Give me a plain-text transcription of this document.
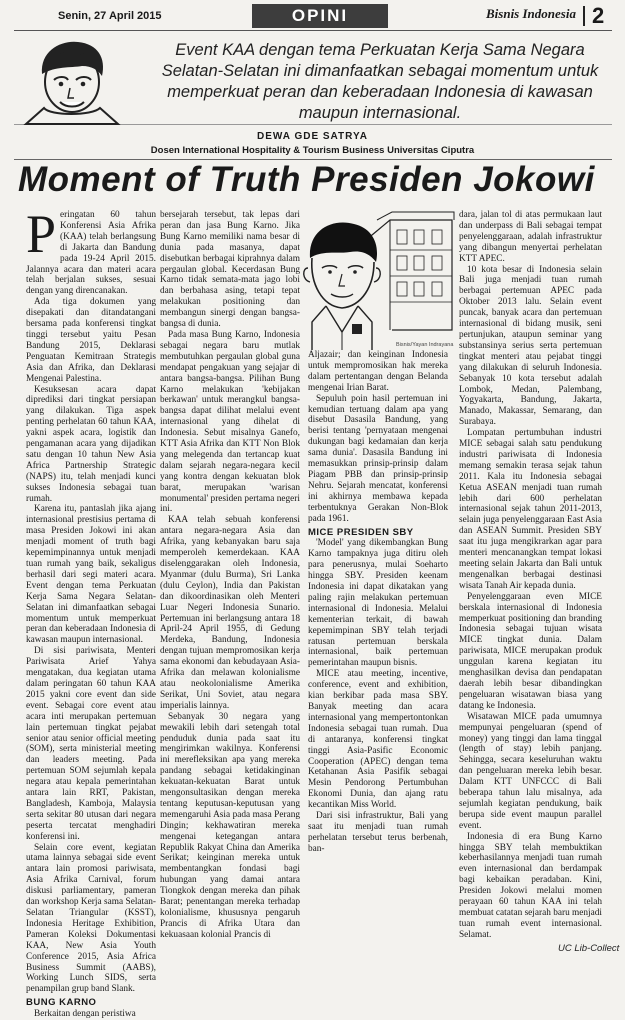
Senin, 27 April 2015	OPINI	Bisnis Indonesia 2
Event KAA dengan tema Perkuatan Kerja Sama Negara Selatan-Selatan ini dimanfaatkan sebagai momentum untuk memperkuat peran dan keberadaan Indonesia di kawasan maupun internasional.
DEWA GDE SATRYA
Dosen International Hospitality & Tourism Business Universitas Ciputra
Moment of Truth Presiden Jokowi
Bisnis/Yayan Indrayana

Peringatan 60 tahun Konferensi Asia Afrika (KAA) telah berlangsung di Jakarta dan Bandung pada 19-24 April 2015. Jalannya acara dan materi acara telah berjalan sukses, sesuai dengan yang direncanakan.

Ada tiga dokumen yang disepakati dan ditandatangani bersama pada konferensi tingkat tinggi tersebut yaitu Pesan Bandung 2015, Deklarasi Penguatan Kemitraan Strategis Asia dan Afrika, dan Deklarasi Mengenai Palestina.

Kesuksesan acara dapat diprediksi dari tingkat persiapan yang dilakukan. Tiga aspek penting perhelatan 60 tahun KAA, yakni aspek acara, logistik dan pengamanan acara yang dijadikan satu dengan 10 tahun New Asia Africa Partnership Strategic (NAPS) itu, telah menjadi kunci sukses Indonesia sebagai tuan rumah.

Karena itu, pantaslah jika ajang internasional prestisius pertama di masa Presiden Jokowi ini akan menjadi moment of truth bagi kepemimpinannya untuk menjadi tuan rumah yang baik, sekaligus berhasil dari segi materi acara. Event dengan tema Perkuatan Kerja Sama Negara Selatan-Selatan ini dimanfaatkan sebagai momentum untuk memperkuat peran dan keberadaan Indonesia di kawasan maupun internasional.

Di sisi pariwisata, Menteri Pariwisata Arief Yahya mengatakan, dua kegiatan utama dalam peringatan 60 tahun KAA 2015 yakni core event dan side event. Sebagai core event atau acara inti merupakan pertemuan lain pertemuan tingkat pejabat senior atau senior official meeting (SOM), serta ministerial meeting dan leaders meeting. Pada pertemuan SOM sejumlah kepala negara atau kepala pemerintahan antara lain RRT, Pakistan, Bangladesh, Kamboja, Malaysia serta sekitar 80 utusan dari negara peserta tercatat menghadiri konferensi ini.

Selain core event, kegiatan utama lainnya sebagai side event antara lain promosi pariwisata, Asia Afrika Carnival, forum diskusi parliamentary, pameran dan workshop Kerja sama Selatan-Selatan Triangular (KSST), Indonesia Heritage Exhibition, Pameran Koleksi Dokumentasi KAA, New Asia Youth Conference 2015, Asia Africa Business Summit (AABS), Working Lunch SIDS, serta penampilan grup band Slank.

BUNG KARNO

Berkaitan dengan peristiwa

bersejarah tersebut, tak lepas dari peran dan jasa Bung Karno. Jika Bung Karno memiliki nama besar di dunia pada masanya, dapat disebutkan berbagai kiprahnya dalam pergaulan global. Kecerdasan Bung Karno tidak semata-mata jago lobi dan berbahasa asing, tetapi tepat melakukan positioning dan membangun sinergi dengan bangsa-bangsa di dunia.

Pada masa Bung Karno, Indonesia sebagai negara baru mutlak membutuhkan pergaulan global guna mendapat pengakuan yang sejajar di antara bangsa-bangsa. Pilihan Bung Karno melakukan 'kebijakan berkawan' untuk merangkul bangsa-bangsa dapat dilihat melalui event internasional yang dihelat di Indonesia. Sebut misalnya Ganefo, KTT Asia Afrika dan KTT Non Blok yang melegenda dan tertancap kuat dalam sejarah negara-negara kecil yang kontra dengan kekuatan blok barat, merupakan 'warisan monumental' presiden pertama negeri ini.

KAA telah sebuah konferensi antara negara-negara Asia dan Afrika, yang kebanyakan baru saja memperoleh kemerdekaan. KAA diselenggarakan oleh Indonesia, Myanmar (dulu Burma), Sri Lanka (dulu Ceylon), India dan Pakistan dan dikoordinasikan oleh Menteri Luar Negeri Indonesia Sunario. Pertemuan ini berlangsung antara 18 April-24 April 1955, di Gedung Merdeka, Bandung, Indonesia dengan tujuan mempromosikan kerja sama ekonomi dan kebudayaan Asia-Afrika dan melawan kolonialisme atau neokolonialisme Amerika Serikat, Uni Soviet, atau negara imperialis lainnya.

Sebanyak 30 negara yang mewakili lebih dari setengah total penduduk dunia pada saat itu mengirimkan wakilnya. Konferensi ini merefleksikan apa yang mereka pandang sebagai ketidakinginan kekuatan-kekuatan Barat untuk mengonsultasikan dengan mereka tentang keputusan-keputusan yang memengaruhi Asia pada masa Perang Dingin; kekhawatiran mereka mengenai ketegangan antara Republik Rakyat China dan Amerika Serikat; keinginan mereka untuk membentangkan fondasi bagi hubungan yang damai antara Tiongkok dengan mereka dan pihak Barat; penentangan mereka terhadap kolonialisme, khususnya pengaruh Prancis di Afrika Utara dan kekuasaan kolonial Prancis di

Aljazair; dan keinginan Indonesia untuk mempromosikan hak mereka dalam pertentangan dengan Belanda mengenai Irian Barat.

Sepuluh poin hasil pertemuan ini kemudian tertuang dalam apa yang disebut Dasasila Bandung, yang berisi tentang 'pernyataan mengenai dukungan bagi kedamaian dan kerja sama dunia'. Dasasila Bandung ini memasukkan prinsip-prinsip dalam Piagam PBB dan prinsip-prinsip Nehru. Sejarah mencatat, konferensi ini akhirnya membawa kepada terbentuknya Gerakan Non-Blok pada 1961.

MICE PRESIDEN SBY

'Model' yang dikembangkan Bung Karno tampaknya juga ditiru oleh para penerusnya, mulai Soeharto hingga SBY. Presiden keenam Indonesia ini dapat dikatakan yang paling rajin melakukan pertemuan internasional di Indonesia. Melalui kementerian terkait, di bawah kepemimpinan SBY telah terjadi ratusan pertemuan berskala internasional, baik pertemuan pemerintahan maupun bisnis.

MICE atau meeting, incentive, conference, event and exhibition, kian berkibar pada masa SBY. Banyak meeting dan acara internasional yang mempertontonkan Indonesia sebagai tuan rumah. Dua di antaranya, konferensi tingkat tinggi Asia-Pasific Economic Cooperation (APEC) dengan tema Ketahanan Asia Pasifik sebagai Mesin Pendorong Pertumbuhan Ekonomi Dunia, dan ajang ratu kecantikan Miss World.

Dari sisi infrastruktur, Bali yang saat itu menjadi tuan rumah perhelatan tersebut terus berbenah, ban-

dara, jalan tol di atas permukaan laut dan underpass di Bali sebagai tempat penyelenggaraan, adalah infrastruktur yang dibangun menyertai perhelatan KTT APEC.

10 kota besar di Indonesia selain Bali juga menjadi tuan rumah berbagai pertemuan APEC pada Oktober 2013 lalu. Selain event puncak, banyak acara dan pertemuan internasional di bidang musik, seni pertunjukan, ataupun seminar yang substansinya serius serta pertemuan tingkat menteri atau pejabat tinggi yang dilakukan di seluruh Indonesia. Sebanyak 10 kota tersebut adalah Lombok, Medan, Palembang, Yogyakarta, Bandung, Jakarta, Manado, Makassar, Semarang, dan Surabaya.

Lompatan pertumbuhan industri MICE sebagai salah satu pendukung industri pariwisata di Indonesia memang semakin terasa sejak tahun 2011. Kala itu Indonesia sebagai Ketua ASEAN menjadi tuan rumah lebih dari 600 perhelatan internasional sejak tahun 2011-2013, selain juga penyelenggaraan East Asia dan ASEAN Summit. Presiden SBY saat itu juga mengikrarkan agar para menteri mencanangkan tempat lokasi meeting selain Jakarta dan Bali untuk mengenalkan berbagai destinasi wisata Tanah Air kepada dunia.

Penyelenggaraan even MICE berskala internasional di Indonesia memperkuat positioning dan branding Indonesia sebagai tujuan wisata MICE tingkat dunia. Dalam pariwisata, MICE merupakan produk unggulan karena kegiatan itu menghasilkan devisa dan pendapatan daerah lebih besar dibandingkan pengeluaran wisatawan biasa yang datang ke Indonesia.

Wisatawan MICE pada umumnya mempunyai pengeluaran (spend of money) yang tinggi dan lama tinggal (length of stay) lebih panjang. Sehingga, secara keseluruhan waktu dan pengeluaran mereka lebih besar. Dalam KTT UNFCCC di Bali beberapa tahun lalu misalnya, ada sejumlah kegiatan pendukung, baik berupa side event maupun parallel event.

Indonesia di era Bung Karno hingga SBY telah membuktikan keberhasilannya menjadi tuan rumah even internasional dan berdampak bagi kebaikan peradaban. Kini, Presiden Jokowi melalui momen perayaan 60 tahun KAA ini telah membuat catatan sejarah baru menjadi tuan rumah event internasional. Selamat.

UC Lib-Collect
